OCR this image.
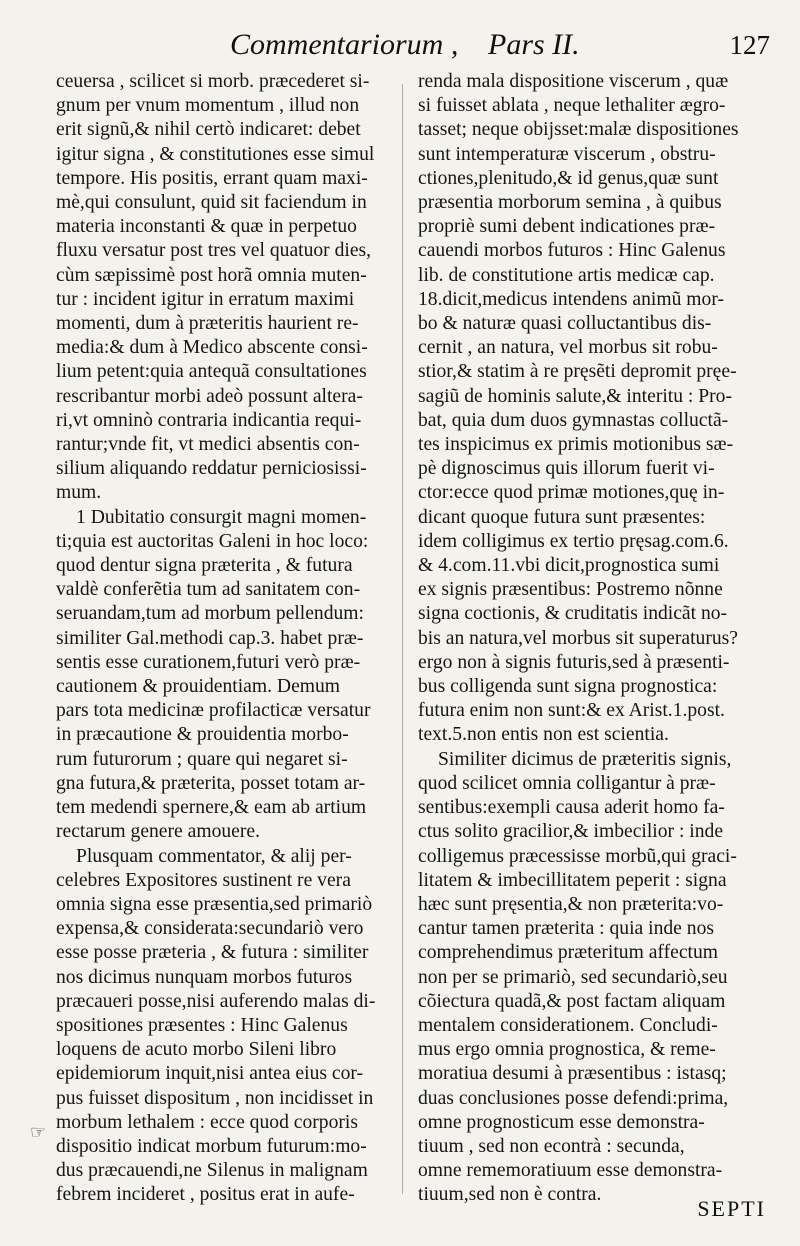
Commentariorum , Pars II.	127
ceuersa , scilicet si morb. præcederet si-
gnum per vnum momentum , illud non
erit signũ,& nihil certò indicaret: debet
igitur signa , & constitutiones esse simul
tempore. His positis, errant quam maxi-
mè,qui consulunt, quid sit faciendum in
materia inconstanti & quæ in perpetuo
fluxu versatur post tres vel quatuor dies,
cùm sæpissimè post horã omnia muten-
tur : incident igitur in erratum maximi
momenti, dum à præteritis haurient re-
media:& dum à Medico abscente consi-
lium petent:quia antequã consultationes
rescribantur morbi adeò possunt altera-
ri,vt omninò contraria indicantia requi-
rantur;vnde fit, vt medici absentis con-
silium aliquando reddatur perniciosissi-
mum.
1 Dubitatio consurgit magni momen-
ti;quia est auctoritas Galeni in hoc loco:
quod dentur signa præterita , & futura
valdè conferẽtia tum ad sanitatem con-
seruandam,tum ad morbum pellendum:
similiter Gal.methodi cap.3. habet præ-
sentis esse curationem,futuri verò præ-
cautionem & prouidentiam. Demum
pars tota medicinæ profilacticæ versatur
in præcautione & prouidentia morbo-
rum futurorum ; quare qui negaret si-
gna futura,& præterita, posset totam ar-
tem medendi spernere,& eam ab artium
rectarum genere amouere.
Plusquam commentator, & alij per-
celebres Expositores sustinent re vera
omnia signa esse præsentia,sed primariò
expensa,& considerata:secundariò vero
esse posse præteria , & futura : similiter
nos dicimus nunquam morbos futuros
præcaueri posse,nisi auferendo malas di-
spositiones præsentes : Hinc Galenus
loquens de acuto morbo Sileni libro
epidemiorum inquit,nisi antea eius cor-
pus fuisset dispositum , non incidisset in
morbum lethalem : ecce quod corporis
dispositio indicat morbum futurum:mo-
dus præcauendi,ne Silenus in malignam
febrem incideret , positus erat in aufe-
renda mala dispositione viscerum , quæ
si fuisset ablata , neque lethaliter ægro-
tasset; neque obijsset:malæ dispositiones
sunt intemperaturæ viscerum , obstru-
ctiones,plenitudo,& id genus,quæ sunt
præsentia morborum semina , à quibus
propriè sumi debent indicationes præ-
cauendi morbos futuros : Hinc Galenus
lib. de constitutione artis medicæ cap.
18.dicit,medicus intendens animũ mor-
bo & naturæ quasi colluctantibus dis-
cernit , an natura, vel morbus sit robu-
stior,& statim à re pręsẽti depromit pręe-
sagiũ de hominis salute,& interitu : Pro-
bat, quia dum duos gymnastas colluctã-
tes inspicimus ex primis motionibus sæ-
pè dignoscimus quis illorum fuerit vi-
ctor:ecce quod primæ motiones,quę in-
dicant quoque futura sunt præsentes:
idem colligimus ex tertio pręsag.com.6.
& 4.com.11.vbi dicit,prognostica sumi
ex signis præsentibus: Postremo nõnne
signa coctionis, & cruditatis indicãt no-
bis an natura,vel morbus sit superaturus?
ergo non à signis futuris,sed à præsenti-
bus colligenda sunt signa prognostica:
futura enim non sunt:& ex Arist.1.post.
text.5.non entis non est scientia.
Similiter dicimus de præteritis signis,
quod scilicet omnia colligantur à præ-
sentibus:exempli causa aderit homo fa-
ctus solito gracilior,& imbecilior : inde
colligemus præcessisse morbũ,qui graci-
litatem & imbecillitatem peperit : signa
hæc sunt pręsentia,& non præterita:vo-
cantur tamen præterita : quia inde nos
comprehendimus præteritum affectum
non per se primariò, sed secundariò,seu
cõiectura quadã,& post factam aliquam
mentalem considerationem. Concludi-
mus ergo omnia prognostica, & reme-
moratiua desumi à præsentibus : istasq;
duas conclusiones posse defendi:prima,
omne prognosticum esse demonstra-
tiuum , sed non econtrà : secunda,
omne rememoratiuum esse demonstra-
tiuum,sed non è contra.
☞
SEPTI
